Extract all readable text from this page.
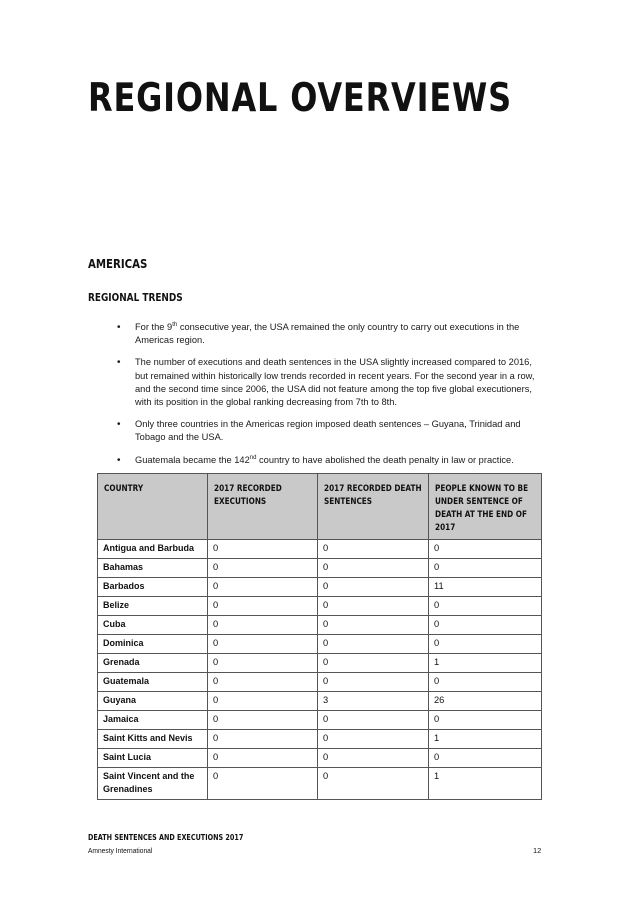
REGIONAL OVERVIEWS
AMERICAS
REGIONAL TRENDS
• For the 9th consecutive year, the USA remained the only country to carry out executions in the Americas region.
• The number of executions and death sentences in the USA slightly increased compared to 2016, but remained within historically low trends recorded in recent years. For the second year in a row, and the second time since 2006, the USA did not feature among the top five global executioners, with its position in the global ranking decreasing from 7th to 8th.
• Only three countries in the Americas region imposed death sentences – Guyana, Trinidad and Tobago and the USA.
• Guatemala became the 142nd country to have abolished the death penalty in law or practice.
COUNTRY	2017 RECORDED EXECUTIONS	2017 RECORDED DEATH SENTENCES	PEOPLE KNOWN TO BE UNDER SENTENCE OF DEATH AT THE END OF 2017
Antigua and Barbuda	0	0	0
Bahamas	0	0	0
Barbados	0	0	11
Belize	0	0	0
Cuba	0	0	0
Dominica	0	0	0
Grenada	0	0	1
Guatemala	0	0	0
Guyana	0	3	26
Jamaica	0	0	0
Saint Kitts and Nevis	0	0	1
Saint Lucia	0	0	0
Saint Vincent and the Grenadines	0	0	1

DEATH SENTENCES AND EXECUTIONS 2017

Amnesty International	12
